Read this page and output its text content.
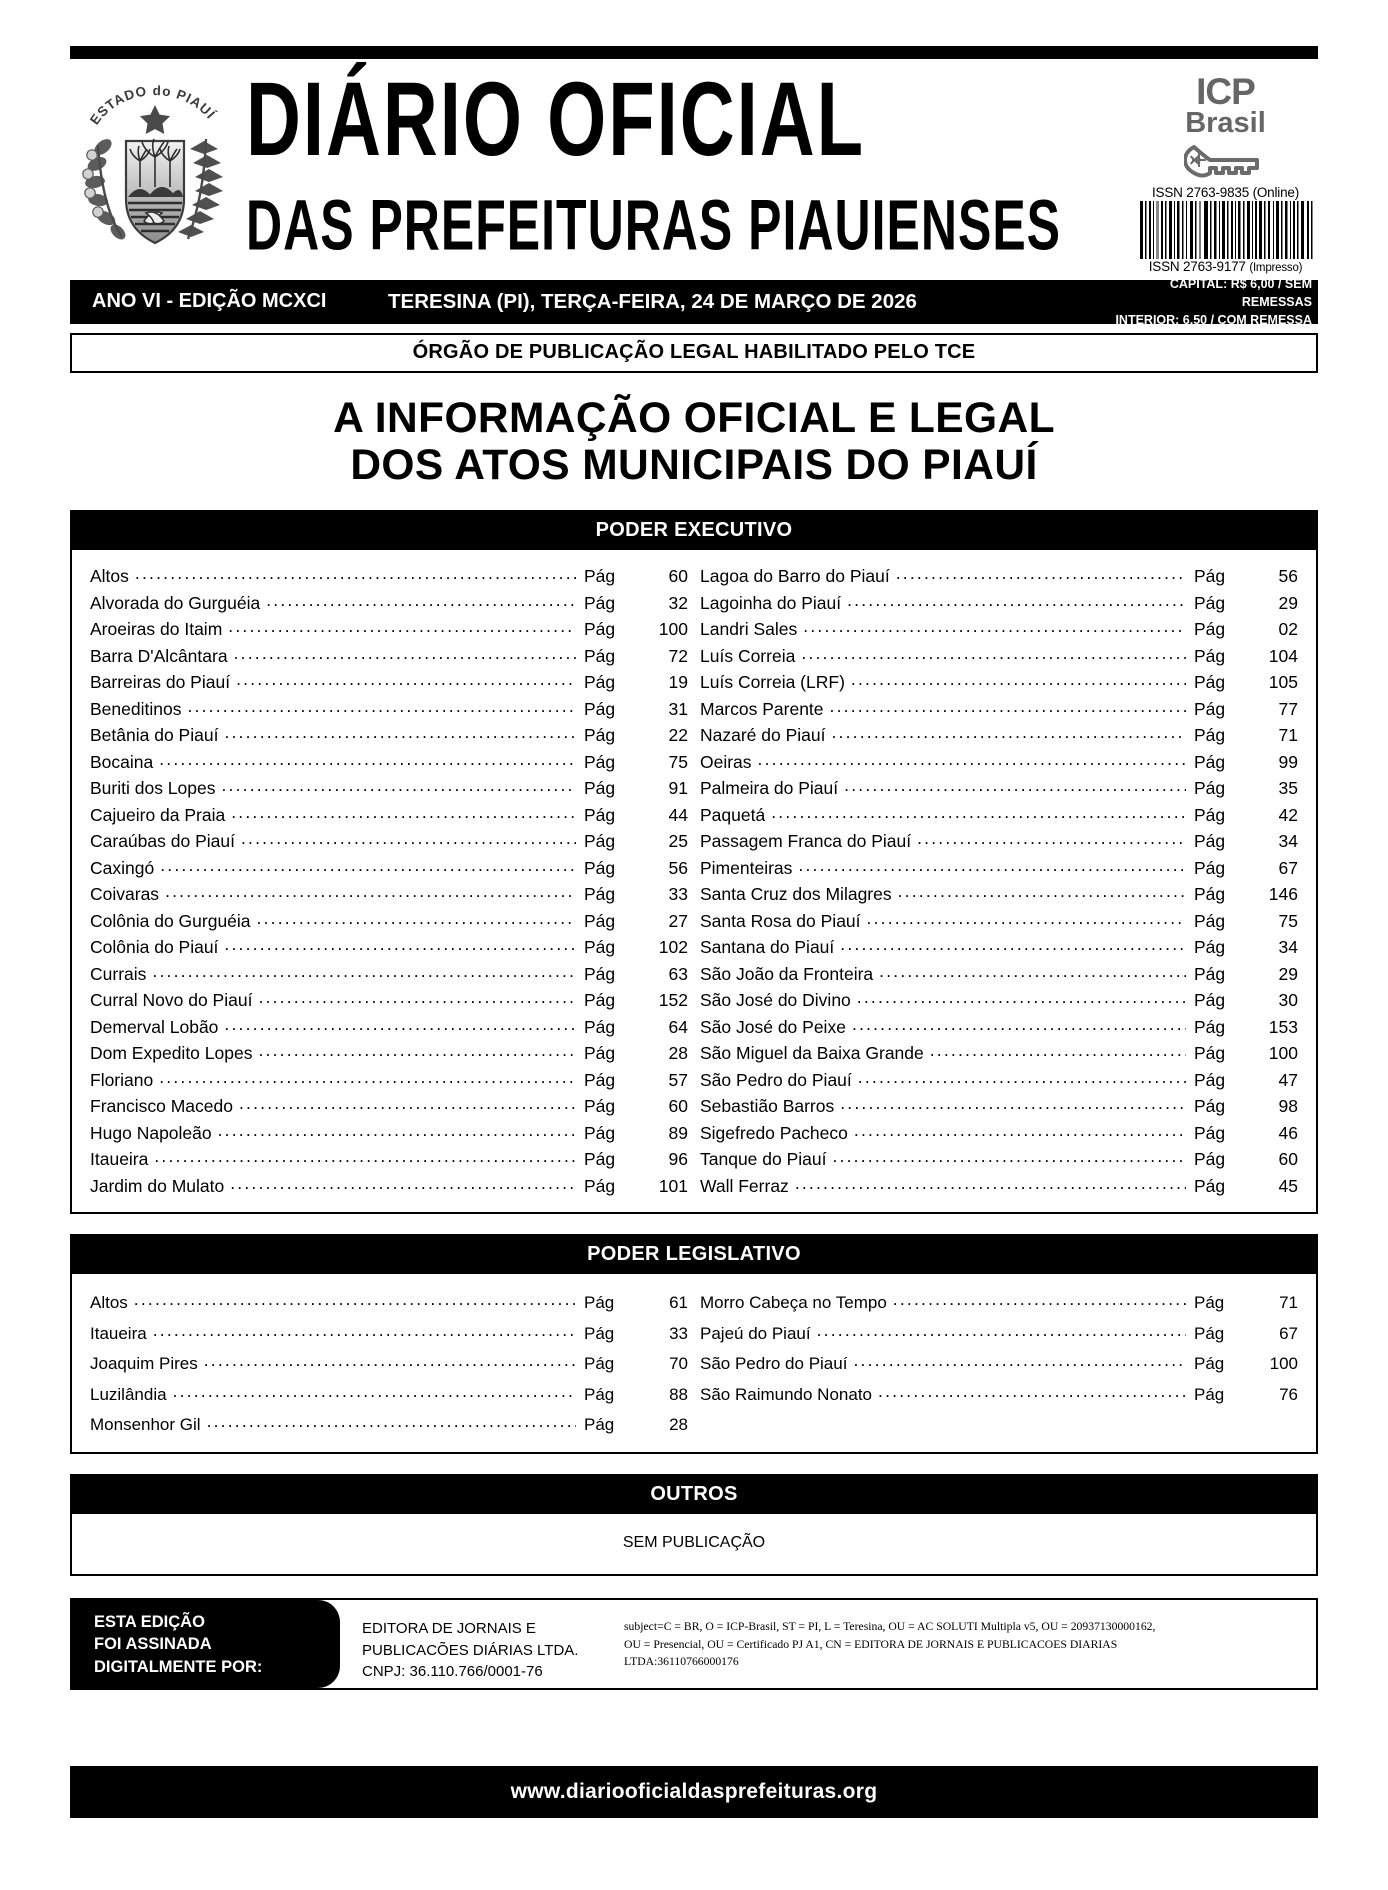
ESTADO do PIAUÍ DIÁRIO OFICIAL
DAS PREFEITURAS PIAUIENSES
ICP
Brasil
ISSN 2763-9835 (Online)
ISSN 2763-9177 (Impresso)
ANO VI - EDIÇÃO MCXCI	TERESINA (PI), TERÇA-FEIRA, 24 DE MARÇO DE 2026
CAPITAL: R$ 6,00 / SEM REMESSAS
INTERIOR: 6,50 / COM REMESSA
ÓRGÃO DE PUBLICAÇÃO LEGAL HABILITADO PELO TCE
A INFORMAÇÃO OFICIAL E LEGAL
DOS ATOS MUNICIPAIS DO PIAUÍ
PODER EXECUTIVO
Altos .....	Pág	60
Alvorada do Gurguéia .....	Pág	32
Aroeiras do Itaim .....	Pág	100
Barra D'Alcântara .....	Pág	72
Barreiras do Piauí .....	Pág	19
Beneditinos .....	Pág	31
Betânia do Piauí .....	Pág	22
Bocaina .....	Pág	75
Buriti dos Lopes .....	Pág	91
Cajueiro da Praia .....	Pág	44
Caraúbas do Piauí .....	Pág	25
Caxingó .....	Pág	56
Coivaras .....	Pág	33
Colônia do Gurguéia .....	Pág	27
Colônia do Piauí .....	Pág	102
Currais .....	Pág	63
Curral Novo do Piauí .....	Pág	152
Demerval Lobão .....	Pág	64
Dom Expedito Lopes .....	Pág	28
Floriano .....	Pág	57
Francisco Macedo .....	Pág	60
Hugo Napoleão .....	Pág	89
Itaueira .....	Pág	96
Jardim do Mulato .....	Pág	101
Lagoa do Barro do Piauí .....	Pág	56
Lagoinha do Piauí .....	Pág	29
Landri Sales .....	Pág	02
Luís Correia .....	Pág	104
Luís Correia (LRF) .....	Pág	105
Marcos Parente .....	Pág	77
Nazaré do Piauí .....	Pág	71
Oeiras .....	Pág	99
Palmeira do Piauí .....	Pág	35
Paquetá .....	Pág	42
Passagem Franca do Piauí .....	Pág	34
Pimenteiras .....	Pág	67
Santa Cruz dos Milagres .....	Pág	146
Santa Rosa do Piauí .....	Pág	75
Santana do Piauí .....	Pág	34
São João da Fronteira .....	Pág	29
São José do Divino .....	Pág	30
São José do Peixe .....	Pág	153
São Miguel da Baixa Grande .....	Pág	100
São Pedro do Piauí .....	Pág	47
Sebastião Barros .....	Pág	98
Sigefredo Pacheco .....	Pág	46
Tanque do Piauí .....	Pág	60
Wall Ferraz .....	Pág	45
PODER LEGISLATIVO
Altos .....	Pág	61
Itaueira .....	Pág	33
Joaquim Pires .....	Pág	70
Luzilândia .....	Pág	88
Monsenhor Gil .....	Pág	28
Morro Cabeça no Tempo .....	Pág	71
Pajeú do Piauí .....	Pág	67
São Pedro do Piauí .....	Pág	100
São Raimundo Nonato .....	Pág	76
OUTROS
SEM PUBLICAÇÃO
ESTA EDIÇÃO
FOI ASSINADA
DIGITALMENTE POR:
EDITORA DE JORNAIS E
PUBLICACÕES DIÁRIAS LTDA.
CNPJ: 36.110.766/0001-76
subject=C = BR, O = ICP-Brasil, ST = PI, L = Teresina, OU = AC SOLUTI Multipla v5, OU = 20937130000162,
OU = Presencial, OU = Certificado PJ A1, CN = EDITORA DE JORNAIS E PUBLICACOES DIARIAS
LTDA:36110766000176
www.diariooficialdasprefeituras.org
